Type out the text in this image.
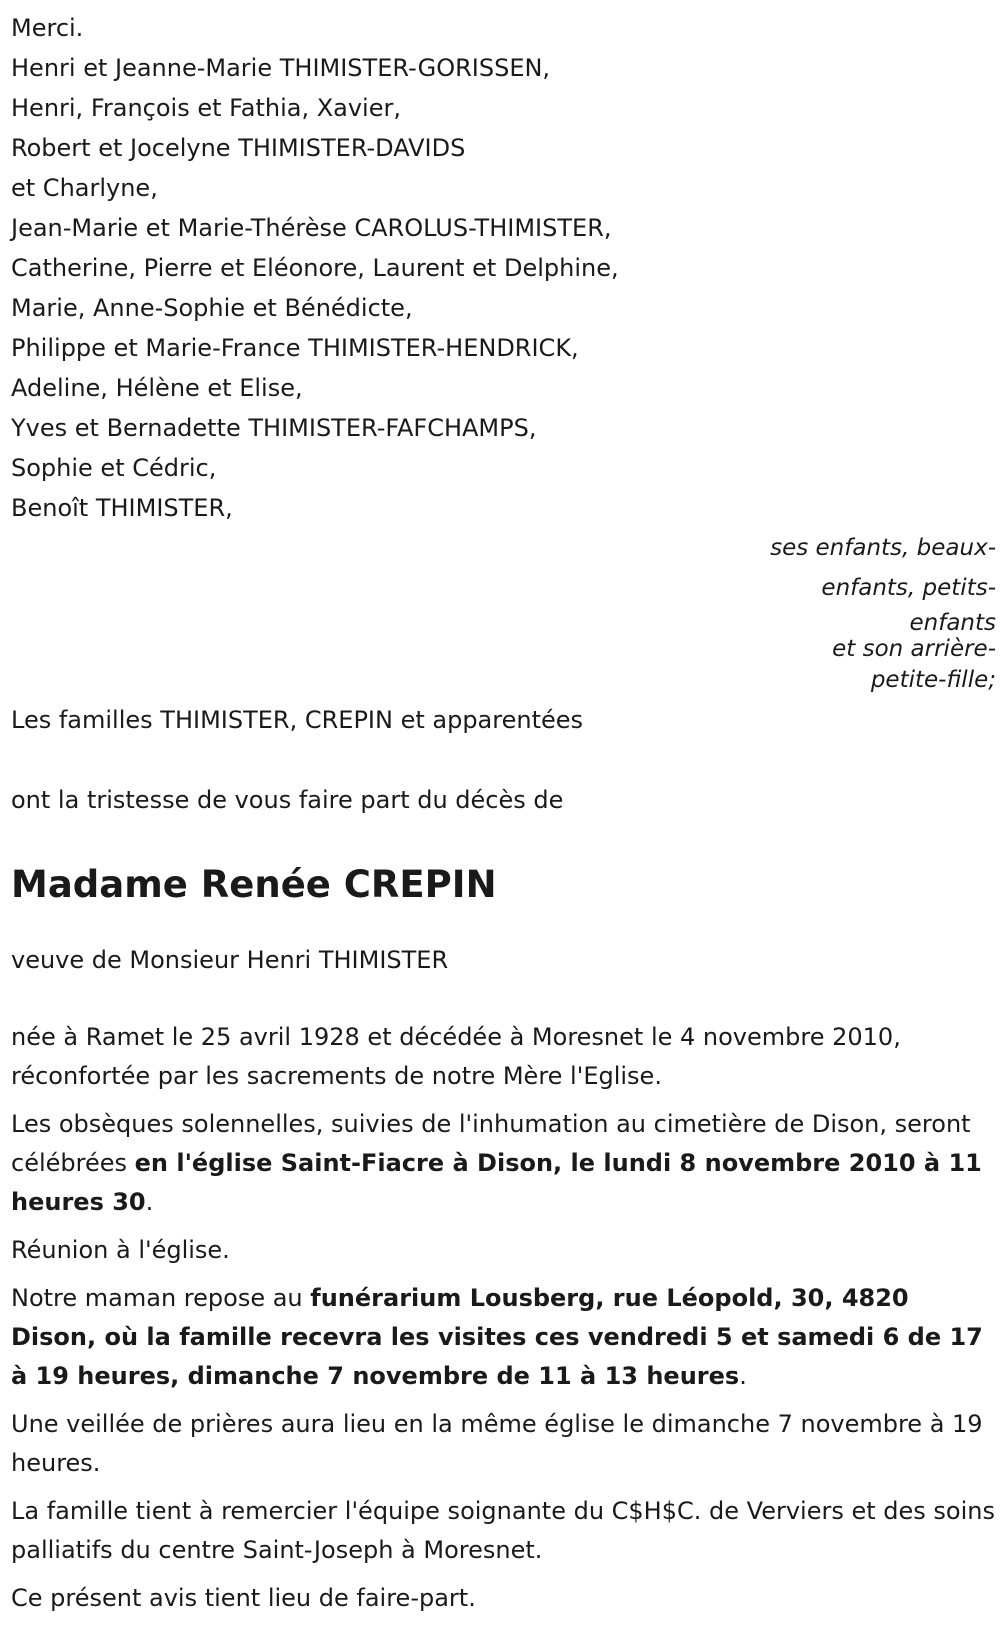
Merci.

Henri et Jeanne-Marie THIMISTER-GORISSEN,

Henri, François et Fathia, Xavier,

Robert et Jocelyne THIMISTER-DAVIDS

et Charlyne,

Jean-Marie et Marie-Thérèse CAROLUS-THIMISTER,

Catherine, Pierre et Eléonore, Laurent et Delphine,

Marie, Anne-Sophie et Bénédicte,

Philippe et Marie-France THIMISTER-HENDRICK,

Adeline, Hélène et Elise,

Yves et Bernadette THIMISTER-FAFCHAMPS,

Sophie et Cédric,

Benoît THIMISTER,

ses enfants, beaux-
enfants, petits-
enfants
et son arrière-
petite-fille;

Les familles THIMISTER, CREPIN et apparentées

ont la tristesse de vous faire part du décès de

Madame Renée CREPIN

veuve de Monsieur Henri THIMISTER

née à Ramet le 25 avril 1928 et décédée à Moresnet le 4 novembre 2010, réconfortée par les sacrements de notre Mère l'Eglise.

Les obsèques solennelles, suivies de l'inhumation au cimetière de Dison, seront célébrées en l'église Saint-Fiacre à Dison, le lundi 8 novembre 2010 à 11 heures 30.

Réunion à l'église.

Notre maman repose au funérarium Lousberg, rue Léopold, 30, 4820 Dison, où la famille recevra les visites ces vendredi 5 et samedi 6 de 17 à 19 heures, dimanche 7 novembre de 11 à 13 heures.

Une veillée de prières aura lieu en la même église le dimanche 7 novembre à 19 heures.

La famille tient à remercier l'équipe soignante du C$H$C. de Verviers et des soins palliatifs du centre Saint-Joseph à Moresnet.

Ce présent avis tient lieu de faire-part.
